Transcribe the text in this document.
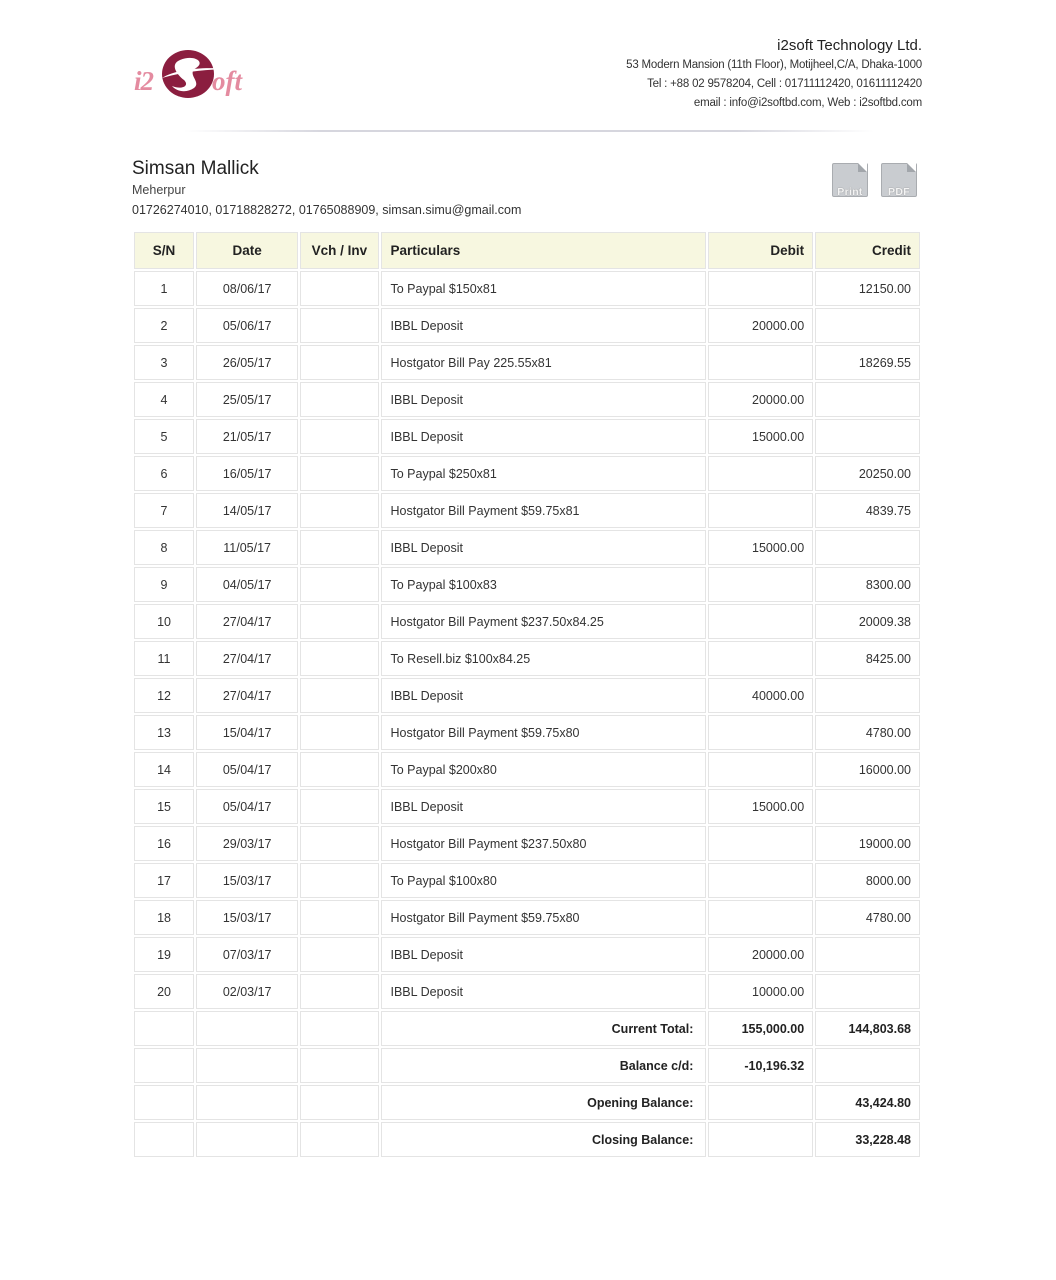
i2 oft
i2soft Technology Ltd.
53 Modern Mansion (11th Floor), Motijheel,C/A, Dhaka-1000
Tel : +88 02 9578204, Cell : 01711112420, 01611112420
email : info@i2softbd.com, Web : i2softbd.com
Simsan Mallick
Meherpur
01726274010, 01718828272, 01765088909, simsan.simu@gmail.com
Print	PDF
S/N	Date	Vch / Inv	Particulars	Debit	Credit
1	08/06/17		To Paypal $150x81		12150.00
2	05/06/17		IBBL Deposit	20000.00	
3	26/05/17		Hostgator Bill Pay 225.55x81		18269.55
4	25/05/17		IBBL Deposit	20000.00	
5	21/05/17		IBBL Deposit	15000.00	
6	16/05/17		To Paypal $250x81		20250.00
7	14/05/17		Hostgator Bill Payment $59.75x81		4839.75
8	11/05/17		IBBL Deposit	15000.00	
9	04/05/17		To Paypal $100x83		8300.00
10	27/04/17		Hostgator Bill Payment $237.50x84.25		20009.38
11	27/04/17		To Resell.biz $100x84.25		8425.00
12	27/04/17		IBBL Deposit	40000.00	
13	15/04/17		Hostgator Bill Payment $59.75x80		4780.00
14	05/04/17		To Paypal $200x80		16000.00
15	05/04/17		IBBL Deposit	15000.00	
16	29/03/17		Hostgator Bill Payment $237.50x80		19000.00
17	15/03/17		To Paypal $100x80		8000.00
18	15/03/17		Hostgator Bill Payment $59.75x80		4780.00
19	07/03/17		IBBL Deposit	20000.00	
20	02/03/17		IBBL Deposit	10000.00	
			Current Total:	155,000.00	144,803.68
			Balance c/d:	-10,196.32	
			Opening Balance:		43,424.80
			Closing Balance:		33,228.48
